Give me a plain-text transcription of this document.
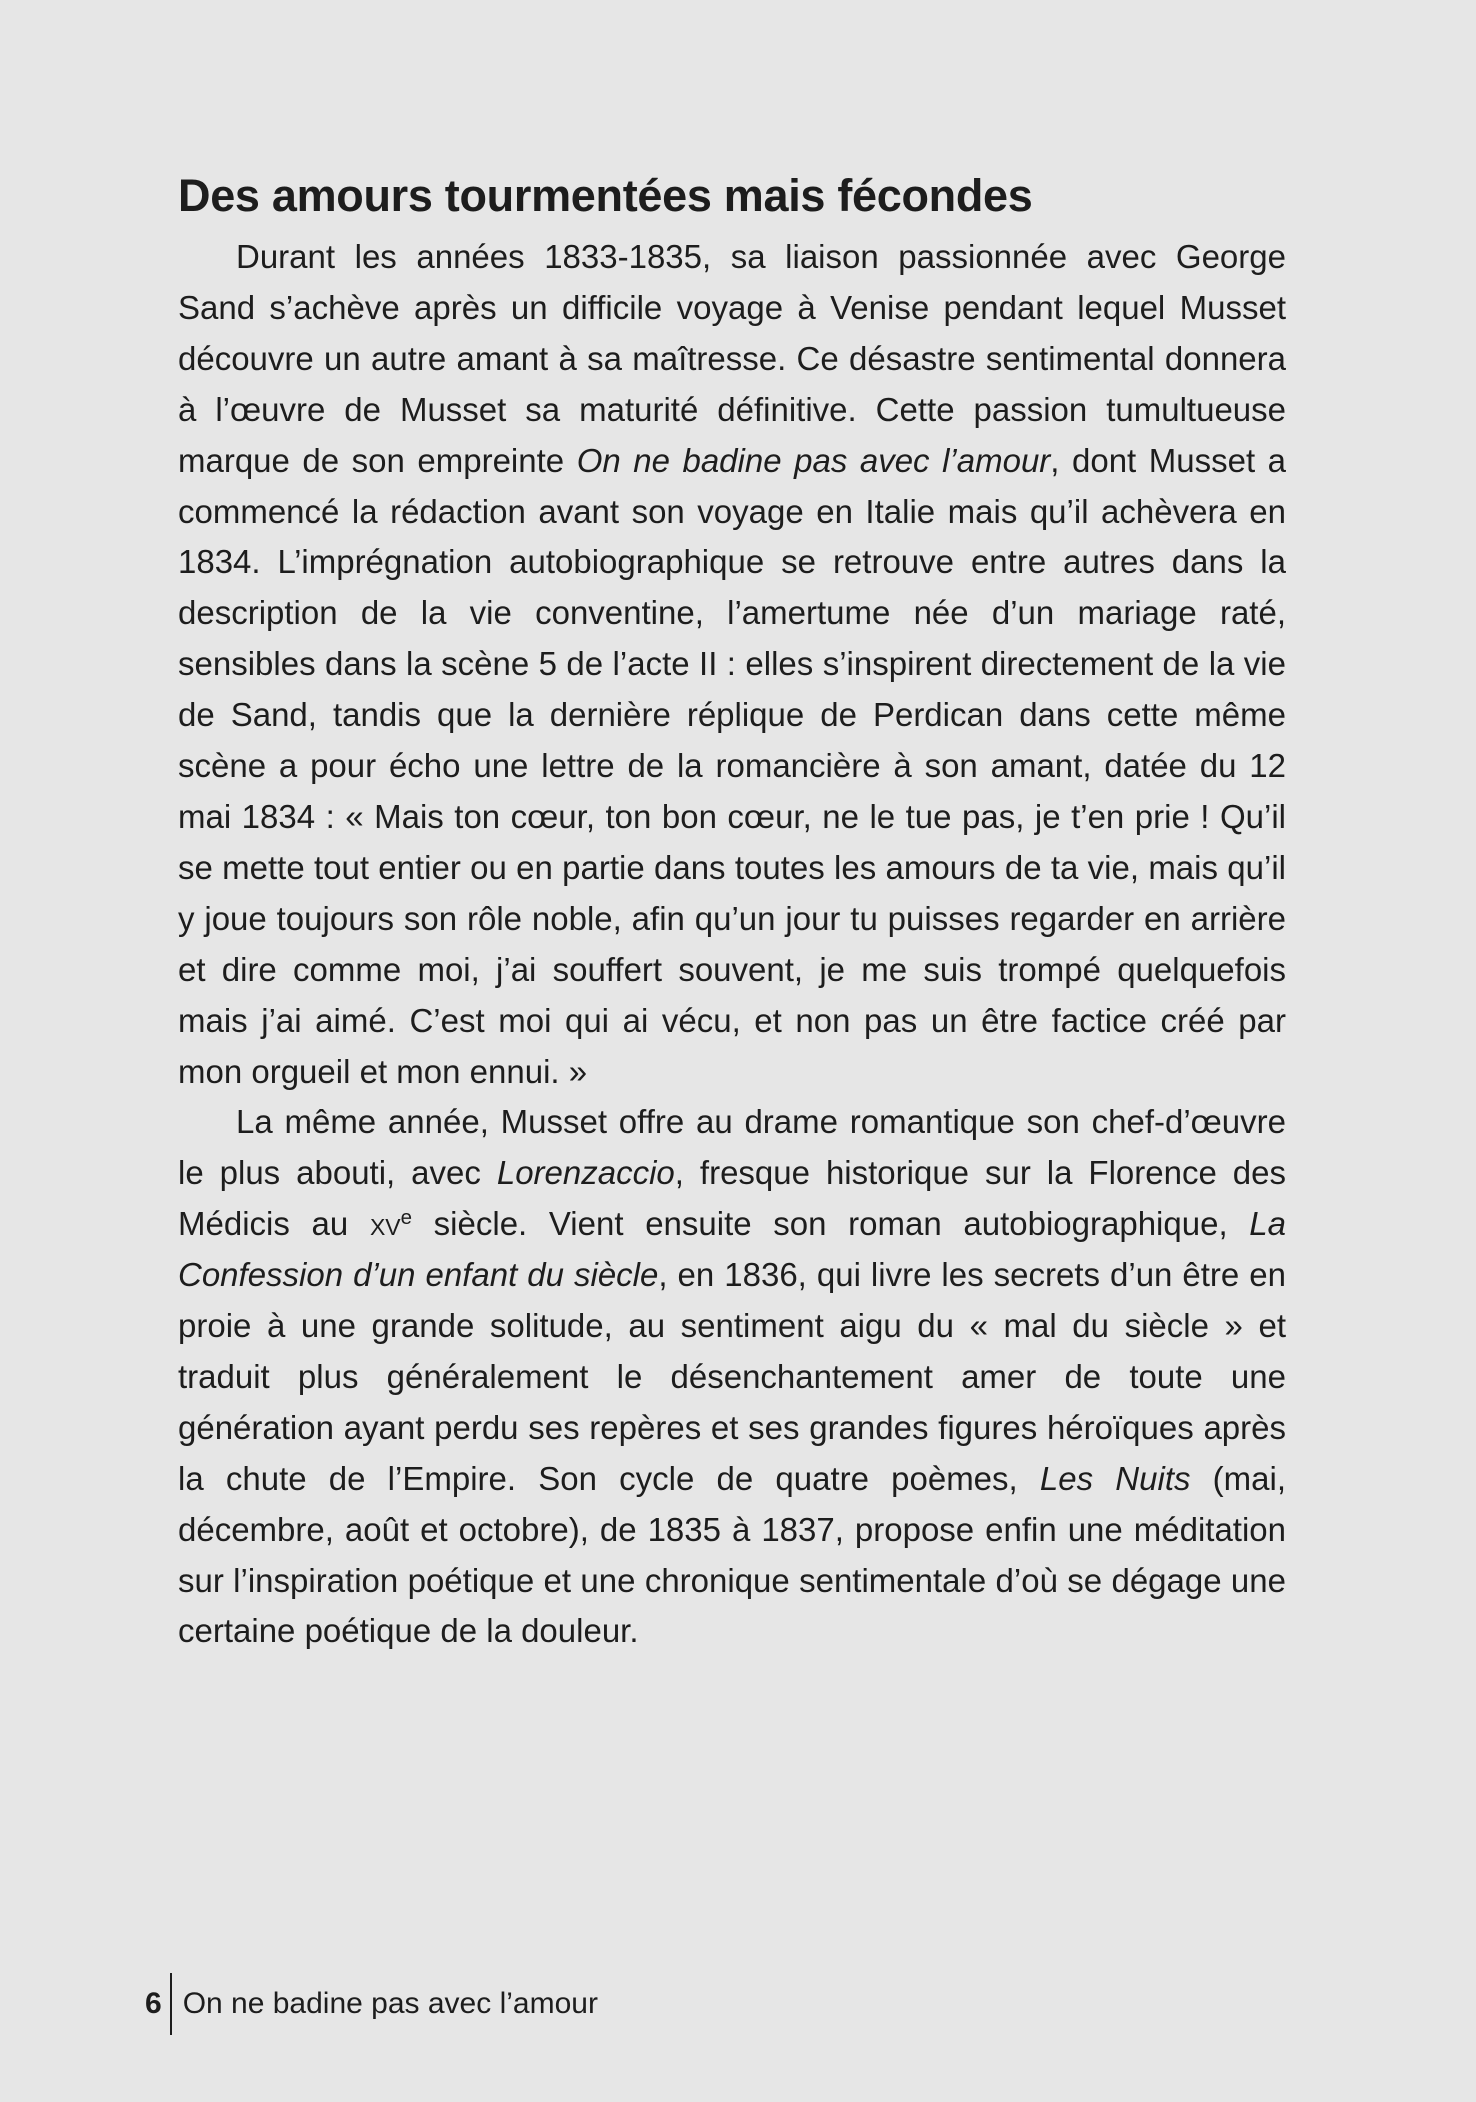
Des amours tourmentées mais fécondes

Durant les années 1833-1835, sa liaison passionnée avec George Sand s’achève après un difficile voyage à Venise pendant lequel Musset découvre un autre amant à sa maîtresse. Ce désastre sentimental donnera à l’œuvre de Musset sa maturité définitive. Cette passion tumultueuse marque de son empreinte On ne badine pas avec l’amour, dont Musset a commencé la rédaction avant son voyage en Italie mais qu’il achèvera en 1834. L’imprégnation autobiographique se retrouve entre autres dans la description de la vie conventine, l’amertume née d’un mariage raté, sensibles dans la scène 5 de l’acte II : elles s’inspirent directement de la vie de Sand, tandis que la dernière réplique de Perdican dans cette même scène a pour écho une lettre de la romancière à son amant, datée du 12 mai 1834 : « Mais ton cœur, ton bon cœur, ne le tue pas, je t’en prie ! Qu’il se mette tout entier ou en partie dans toutes les amours de ta vie, mais qu’il y joue toujours son rôle noble, afin qu’un jour tu puisses regarder en arrière et dire comme moi, j’ai souffert souvent, je me suis trompé quelquefois mais j’ai aimé. C’est moi qui ai vécu, et non pas un être factice créé par mon orgueil et mon ennui. »

La même année, Musset offre au drame romantique son chef-d’œuvre le plus abouti, avec Lorenzaccio, fresque historique sur la Florence des Médicis au $xv^e$ siècle. Vient ensuite son roman autobiographique, La Confession d’un enfant du siècle, en 1836, qui livre les secrets d’un être en proie à une grande solitude, au sentiment aigu du « mal du siècle » et traduit plus généralement le désenchantement amer de toute une génération ayant perdu ses repères et ses grandes figures héroïques après la chute de l’Empire. Son cycle de quatre poèmes, Les Nuits (mai, décembre, août et octobre), de 1835 à 1837, propose enfin une méditation sur l’inspiration poétique et une chronique sentimentale d’où se dégage une certaine poétique de la douleur.

6 On ne badine pas avec l’amour
